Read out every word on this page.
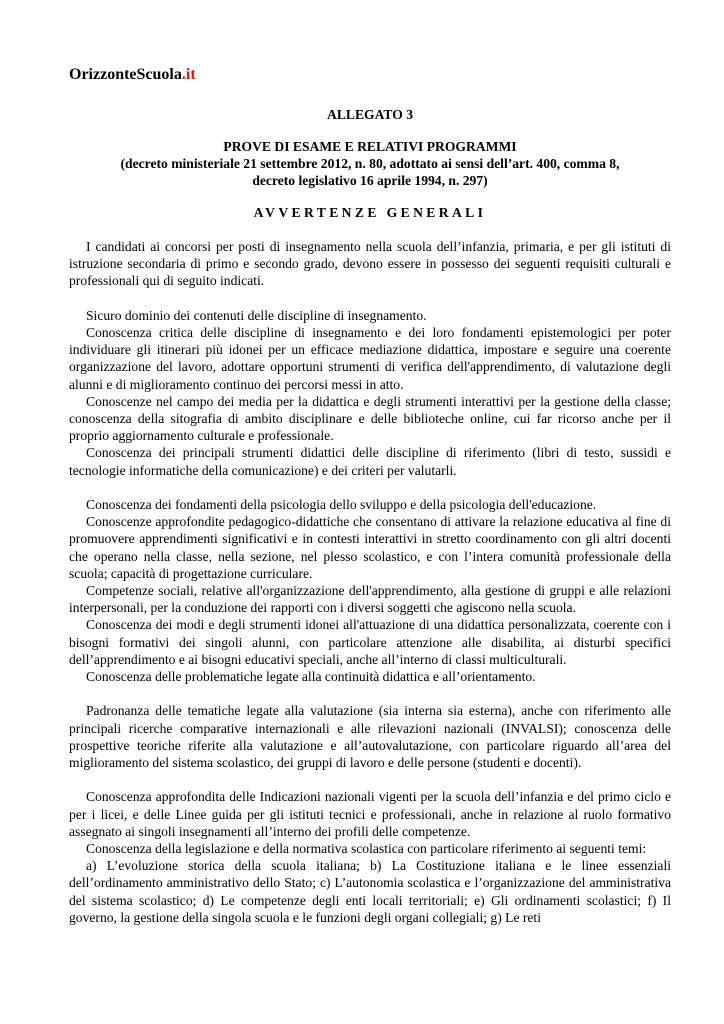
OrizzonteScuola.it
ALLEGATO 3
PROVE DI ESAME E RELATIVI PROGRAMMI
(decreto ministeriale 21 settembre 2012, n. 80, adottato ai sensi dell’art. 400, comma 8,
decreto legislativo 16 aprile 1994, n. 297)
AVVERTENZE GENERALI

I candidati ai concorsi per posti di insegnamento nella scuola dell’infanzia, primaria, e per gli istituti di istruzione secondaria di primo e secondo grado, devono essere in possesso dei seguenti requisiti culturali e professionali qui di seguito indicati.

Sicuro dominio dei contenuti delle discipline di insegnamento.

Conoscenza critica delle discipline di insegnamento e dei loro fondamenti epistemologici per poter individuare gli itinerari più idonei per un efficace mediazione didattica, impostare e seguire una coerente organizzazione del lavoro, adottare opportuni strumenti di verifica dell'apprendimento, di valutazione degli alunni e di miglioramento continuo dei percorsi messi in atto.

Conoscenze nel campo dei media per la didattica e degli strumenti interattivi per la gestione della classe; conoscenza della sitografia di ambito disciplinare e delle biblioteche online, cui far ricorso anche per il proprio aggiornamento culturale e professionale.

Conoscenza dei principali strumenti didattici delle discipline di riferimento (libri di testo, sussidi e tecnologie informatiche della comunicazione) e dei criteri per valutarli.

Conoscenza dei fondamenti della psicologia dello sviluppo e della psicologia dell'educazione.

Conoscenze approfondite pedagogico-didattiche che consentano di attivare la relazione educativa al fine di promuovere apprendimenti significativi e in contesti interattivi in stretto coordinamento con gli altri docenti che operano nella classe, nella sezione, nel plesso scolastico, e con l’intera comunità professionale della scuola; capacità di progettazione curriculare.

Competenze sociali, relative all'organizzazione dell'apprendimento, alla gestione di gruppi e alle relazioni interpersonali, per la conduzione dei rapporti con i diversi soggetti che agiscono nella scuola.

Conoscenza dei modi e degli strumenti idonei all'attuazione di una didattica personalizzata, coerente con i bisogni formativi dei singoli alunni, con particolare attenzione alle disabilita, ai disturbi specifici dell’apprendimento e ai bisogni educativi speciali, anche all’interno di classi multiculturali.

Conoscenza delle problematiche legate alla continuità didattica e all’orientamento.

Padronanza delle tematiche legate alla valutazione (sia interna sia esterna), anche con riferimento alle principali ricerche comparative internazionali e alle rilevazioni nazionali (INVALSI); conoscenza delle prospettive teoriche riferite alla valutazione e all’autovalutazione, con particolare riguardo all’area del miglioramento del sistema scolastico, dei gruppi di lavoro e delle persone (studenti e docenti).

Conoscenza approfondita delle Indicazioni nazionali vigenti per la scuola dell’infanzia e del primo ciclo e per i licei, e delle Linee guida per gli istituti tecnici e professionali, anche in relazione al ruolo formativo assegnato ai singoli insegnamenti all’interno dei profili delle competenze.

Conoscenza della legislazione e della normativa scolastica con particolare riferimento ai seguenti temi:

a) L’evoluzione storica della scuola italiana; b) La Costituzione italiana e le linee essenziali dell’ordinamento amministrativo dello Stato; c) L’autonomia scolastica e l’organizzazione del amministrativa del sistema scolastico; d) Le competenze degli enti locali territoriali; e) Gli ordinamenti scolastici; f) Il governo, la gestione della singola scuola e le funzioni degli organi collegiali; g) Le reti
